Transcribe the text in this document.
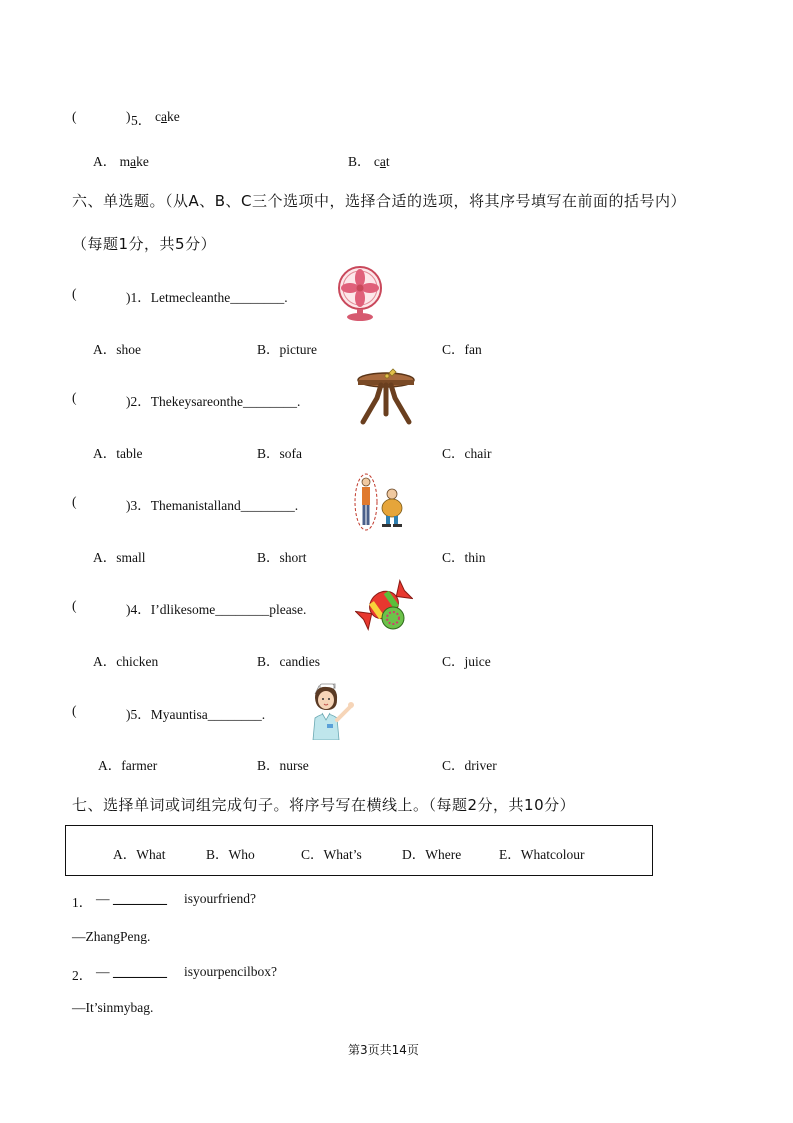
(	) 5． cake
A． make	B． cat
六、单选题。（从A、B、C三个选项中，选择合适的选项，将其序号填写在前面的括号内）
（每题1分，共5分）
(	)1．Letmecleanthe________.
A．shoe	B．picture	C．fan
(	)2．Thekeysareonthe________.
A．table	B．sofa	C．chair
(	)3．Themanistalland________.
A．small	B．short	C．thin
(	)4．I’dlikesome________please.
A．chicken	B．candies	C．juice
(	)5．Myauntisa________.
A．farmer	B．nurse	C．driver
七、选择单词或词组完成句子。将序号写在横线上。（每题2分，共10分）
A．What	B．Who	C．What’s	D．Where	E．Whatcolour
1． — ________ isyourfriend?
—ZhangPeng.
2． — ________ isyourpencilbox?
—It’sinmybag.
第3页共14页
